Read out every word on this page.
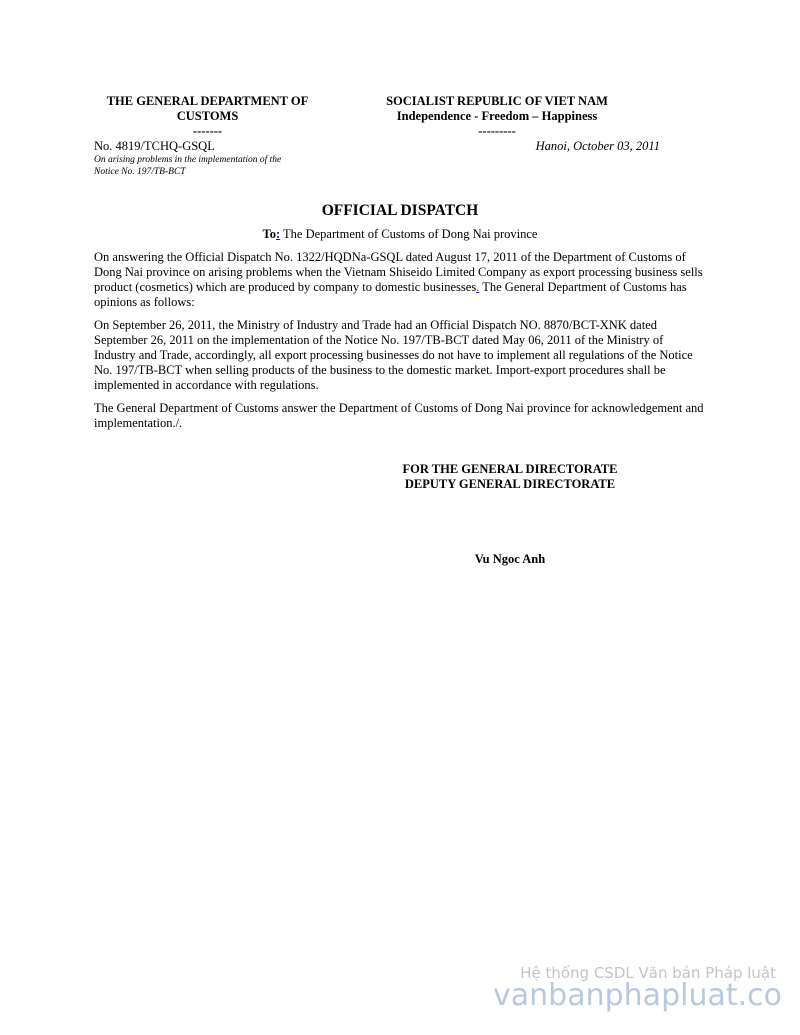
THE GENERAL DEPARTMENT OF
CUSTOMS
-------
SOCIALIST REPUBLIC OF VIET NAM
Independence - Freedom – Happiness
---------
No. 4819/TCHQ-GSQL
On arising problems in the implementation of the
Notice No. 197/TB-BCT
Hanoi, October 03, 2011
OFFICIAL DISPATCH
To: The Department of Customs of Dong Nai province
On answering the Official Dispatch No. 1322/HQDNa-GSQL dated August 17, 2011 of the Department of Customs of Dong Nai province on arising problems when the Vietnam Shiseido Limited Company as export processing business sells product (cosmetics) which are produced by company to domestic businesses. The General Department of Customs has opinions as follows:
On September 26, 2011, the Ministry of Industry and Trade had an Official Dispatch NO. 8870/BCT-XNK dated September 26, 2011 on the implementation of the Notice No. 197/TB-BCT dated May 06, 2011 of the Ministry of Industry and Trade, accordingly, all export processing businesses do not have to implement all regulations of the Notice No. 197/TB-BCT when selling products of the business to the domestic market. Import-export procedures shall be implemented in accordance with regulations.
The General Department of Customs answer the Department of Customs of Dong Nai province for acknowledgement and implementation./.
FOR THE GENERAL DIRECTORATE
DEPUTY GENERAL DIRECTORATE
Vu Ngoc Anh
Hệ thống CSDL Văn bản Pháp luật
vanbanphapluat.co
